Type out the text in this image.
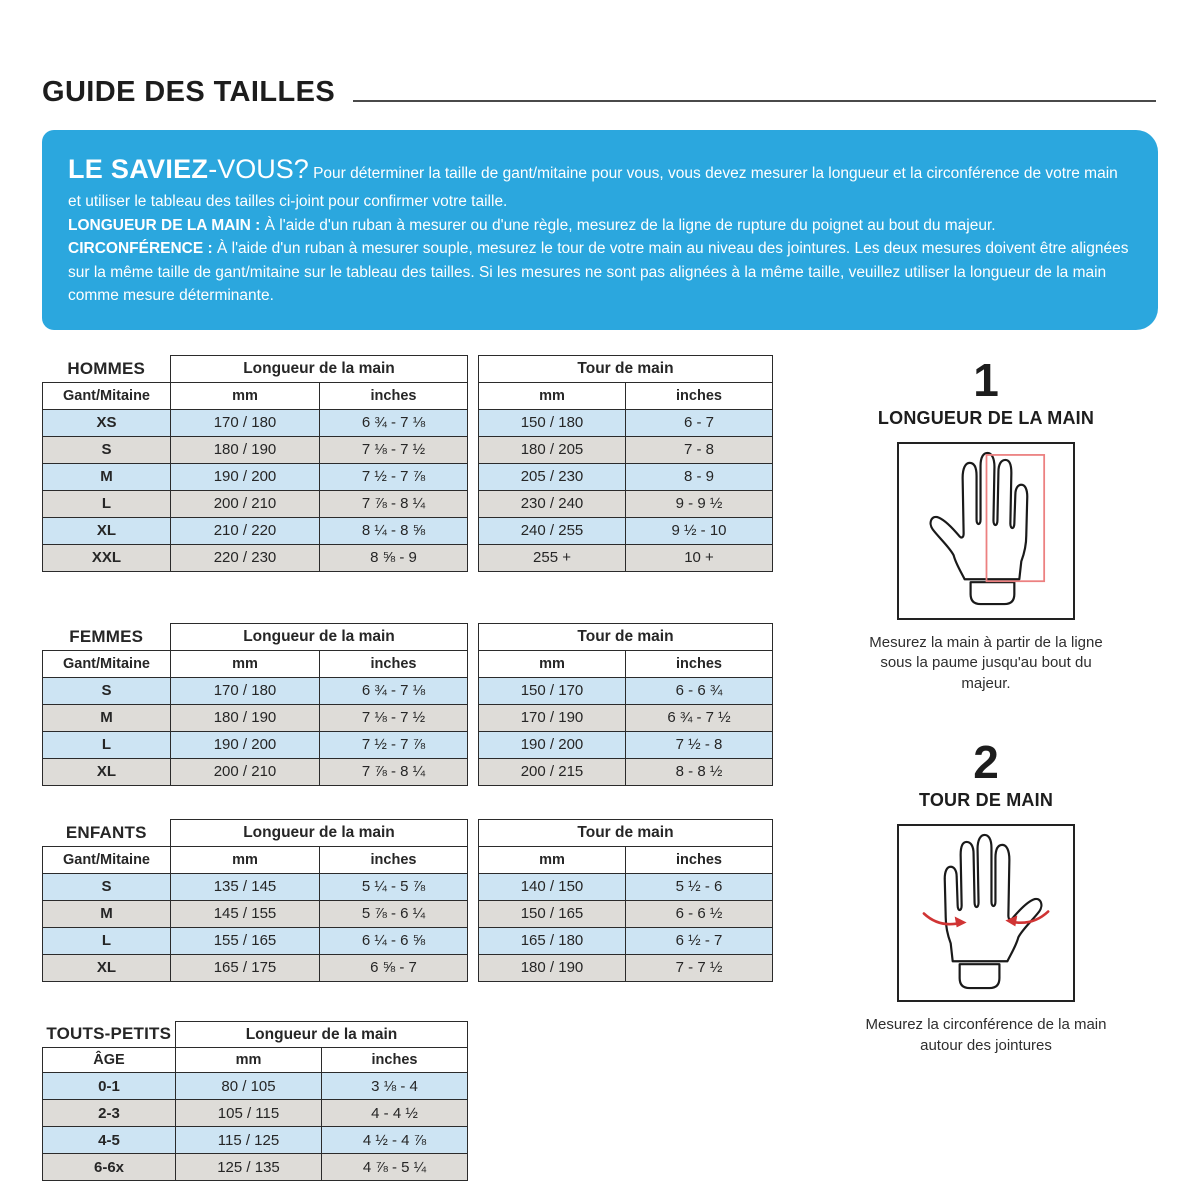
GUIDE DES TAILLES

LE SAVIEZ-VOUS? Pour déterminer la taille de gant/mitaine pour vous, vous devez mesurer la longueur et la circonférence de votre main et utiliser le tableau des tailles ci-joint pour confirmer votre taille.

LONGUEUR DE LA MAIN : À l'aide d'un ruban à mesurer ou d'une règle, mesurez de la ligne de rupture du poignet au bout du majeur.

CIRCONFÉRENCE : À l'aide d'un ruban à mesurer souple, mesurez le tour de votre main au niveau des jointures. Les deux mesures doivent être alignées sur la même taille de gant/mitaine sur le tableau des tailles. Si les mesures ne sont pas alignées à la même taille, veuillez utiliser la longueur de la main comme mesure déterminante.

HOMMES	Longueur de la main			Tour de main	
Gant/Mitaine	mm	inches		mm	inches
XS	170 / 180	6 ¾ - 7 ⅛		150 / 180	6 - 7
S	180 / 190	7 ⅛ - 7 ½		180 / 205	7 - 8
M	190 / 200	7 ½ - 7 ⅞		205 / 230	8 - 9
L	200 / 210	7 ⅞ - 8 ¼		230 / 240	9 - 9 ½
XL	210 / 220	8 ¼ - 8 ⅝		240 / 255	9 ½ - 10
XXL	220 / 230	8 ⅝ - 9		255 +	10 +
FEMMES	Longueur de la main			Tour de main	
Gant/Mitaine	mm	inches		mm	inches
S	170 / 180	6 ¾ - 7 ⅛		150 / 170	6 - 6 ¾
M	180 / 190	7 ⅛ - 7 ½		170 / 190	6 ¾ - 7 ½
L	190 / 200	7 ½ - 7 ⅞		190 / 200	7 ½ - 8
XL	200 / 210	7 ⅞ - 8 ¼		200 / 215	8 - 8 ½
ENFANTS	Longueur de la main			Tour de main	
Gant/Mitaine	mm	inches		mm	inches
S	135 / 145	5 ¼ - 5 ⅞		140 / 150	5 ½ - 6
M	145 / 155	5 ⅞ - 6 ¼		150 / 165	6 - 6 ½
L	155 / 165	6 ¼ - 6 ⅝		165 / 180	6 ½ - 7
XL	165 / 175	6 ⅝ - 7		180 / 190	7 - 7 ½
TOUTS-PETITS	Longueur de la main	
ÂGE	mm	inches
0-1	80 / 105	3 ⅛ - 4
2-3	105 / 115	4 - 4 ½
4-5	115 / 125	4 ½ - 4 ⅞
6-6x	125 / 135	4 ⅞ - 5 ¼
1
LONGUEUR DE LA MAIN
Mesurez la main à partir de la ligne sous la paume jusqu'au bout du majeur.
2
TOUR DE MAIN
Mesurez la circonférence de la main autour des jointures
